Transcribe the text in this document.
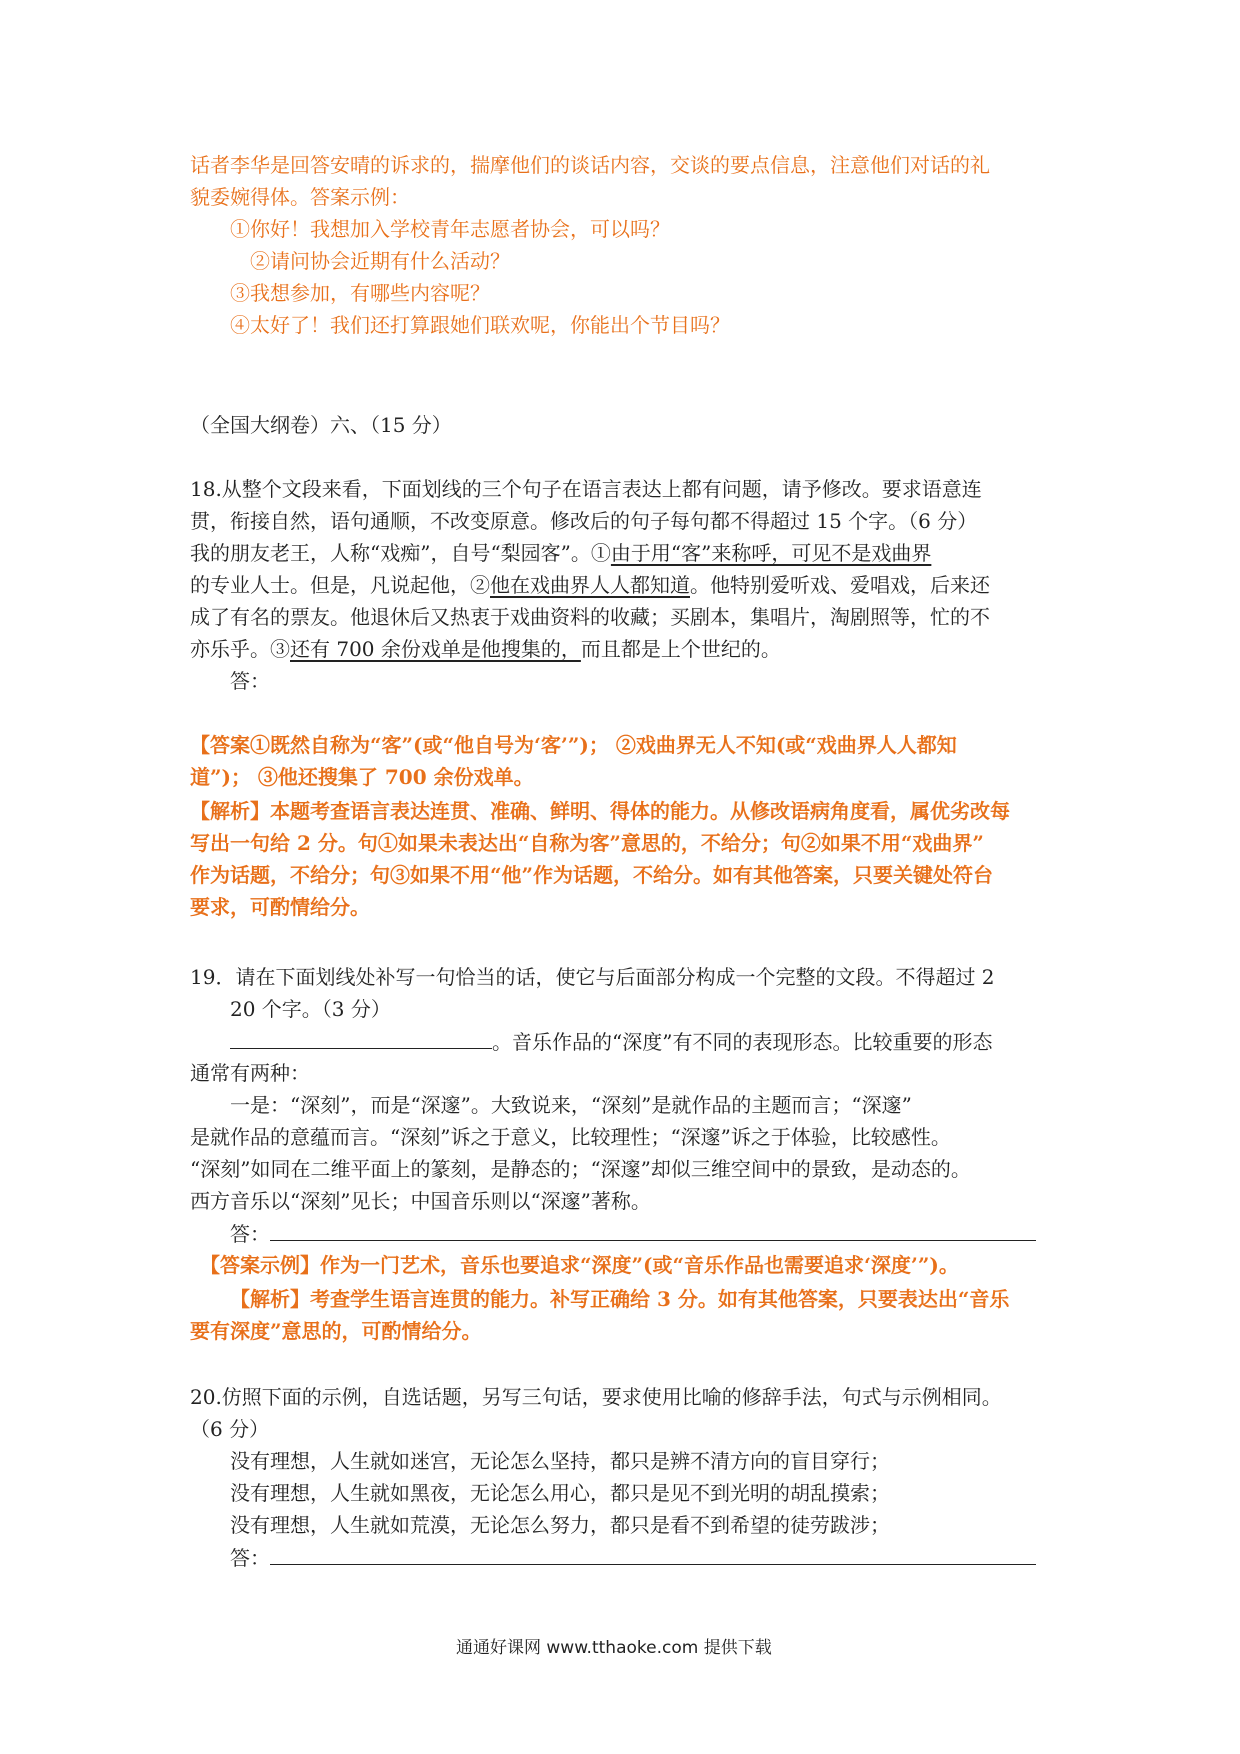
话者李华是回答安晴的诉求的，揣摩他们的谈话内容，交谈的要点信息，注意他们对话的礼
貌委婉得体。答案示例：
①你好！我想加入学校青年志愿者协会，可以吗？
②请问协会近期有什么活动？
③我想参加，有哪些内容呢？
④太好了！我们还打算跟她们联欢呢，你能出个节目吗？
（全国大纲卷）六、（15 分）
18.从整个文段来看，下面划线的三个句子在语言表达上都有问题，请予修改。要求语意连
贯，衔接自然，语句通顺，不改变原意。修改后的句子每句都不得超过 15 个字。（6 分）
我的朋友老王，人称“戏痴”，自号“梨园客”。①由于用“客”来称呼，可见不是戏曲界
的专业人士。但是，凡说起他，②他在戏曲界人人都知道。他特别爱听戏、爱唱戏，后来还
成了有名的票友。他退休后又热衷于戏曲资料的收藏；买剧本，集唱片，淘剧照等，忙的不
亦乐乎。③还有 700 余份戏单是他搜集的，而且都是上个世纪的。
答：
【答案①既然自称为“客”(或“他自号为‘客’”)； ②戏曲界无人不知(或“戏曲界人人都知
道”)； ③他还搜集了 700 余份戏单。
【解析】本题考查语言表达连贯、准确、鲜明、得体的能力。从修改语病角度看，属优劣改每
写出一句给 2 分。句①如果未表达出“自称为客”意思的，不给分；句②如果不用“戏曲界”
作为话题，不给分；句③如果不用“他”作为话题，不给分。如有其他答案，只要关键处符台
要求，可酌情给分。
19．请在下面划线处补写一句恰当的话，使它与后面部分构成一个完整的文段。不得超过 2
20 个字。（3 分）
。音乐作品的“深度”有不同的表现形态。比较重要的形态
通常有两种：
一是：“深刻”，而是“深邃”。大致说来，“深刻”是就作品的主题而言；“深邃”
是就作品的意蕴而言。“深刻”诉之于意义，比较理性；“深邃”诉之于体验，比较感性。
“深刻”如同在二维平面上的篆刻，是静态的；“深邃”却似三维空间中的景致，是动态的。
西方音乐以“深刻”见长；中国音乐则以“深邃”著称。
答：
【答案示例】作为一门艺术，音乐也要追求“深度”(或“音乐作品也需要追求‘深度’”)。
【解析】考查学生语言连贯的能力。补写正确给 3 分。如有其他答案，只要表达出“音乐
要有深度”意思的，可酌情给分。
20.仿照下面的示例，自选话题，另写三句话，要求使用比喻的修辞手法，句式与示例相同。
（6 分）
没有理想，人生就如迷宫，无论怎么坚持，都只是辨不清方向的盲目穿行；
没有理想，人生就如黑夜，无论怎么用心，都只是见不到光明的胡乱摸索；
没有理想，人生就如荒漠，无论怎么努力，都只是看不到希望的徒劳跋涉；
答：
通通好课网 www.tthaoke.com 提供下载
